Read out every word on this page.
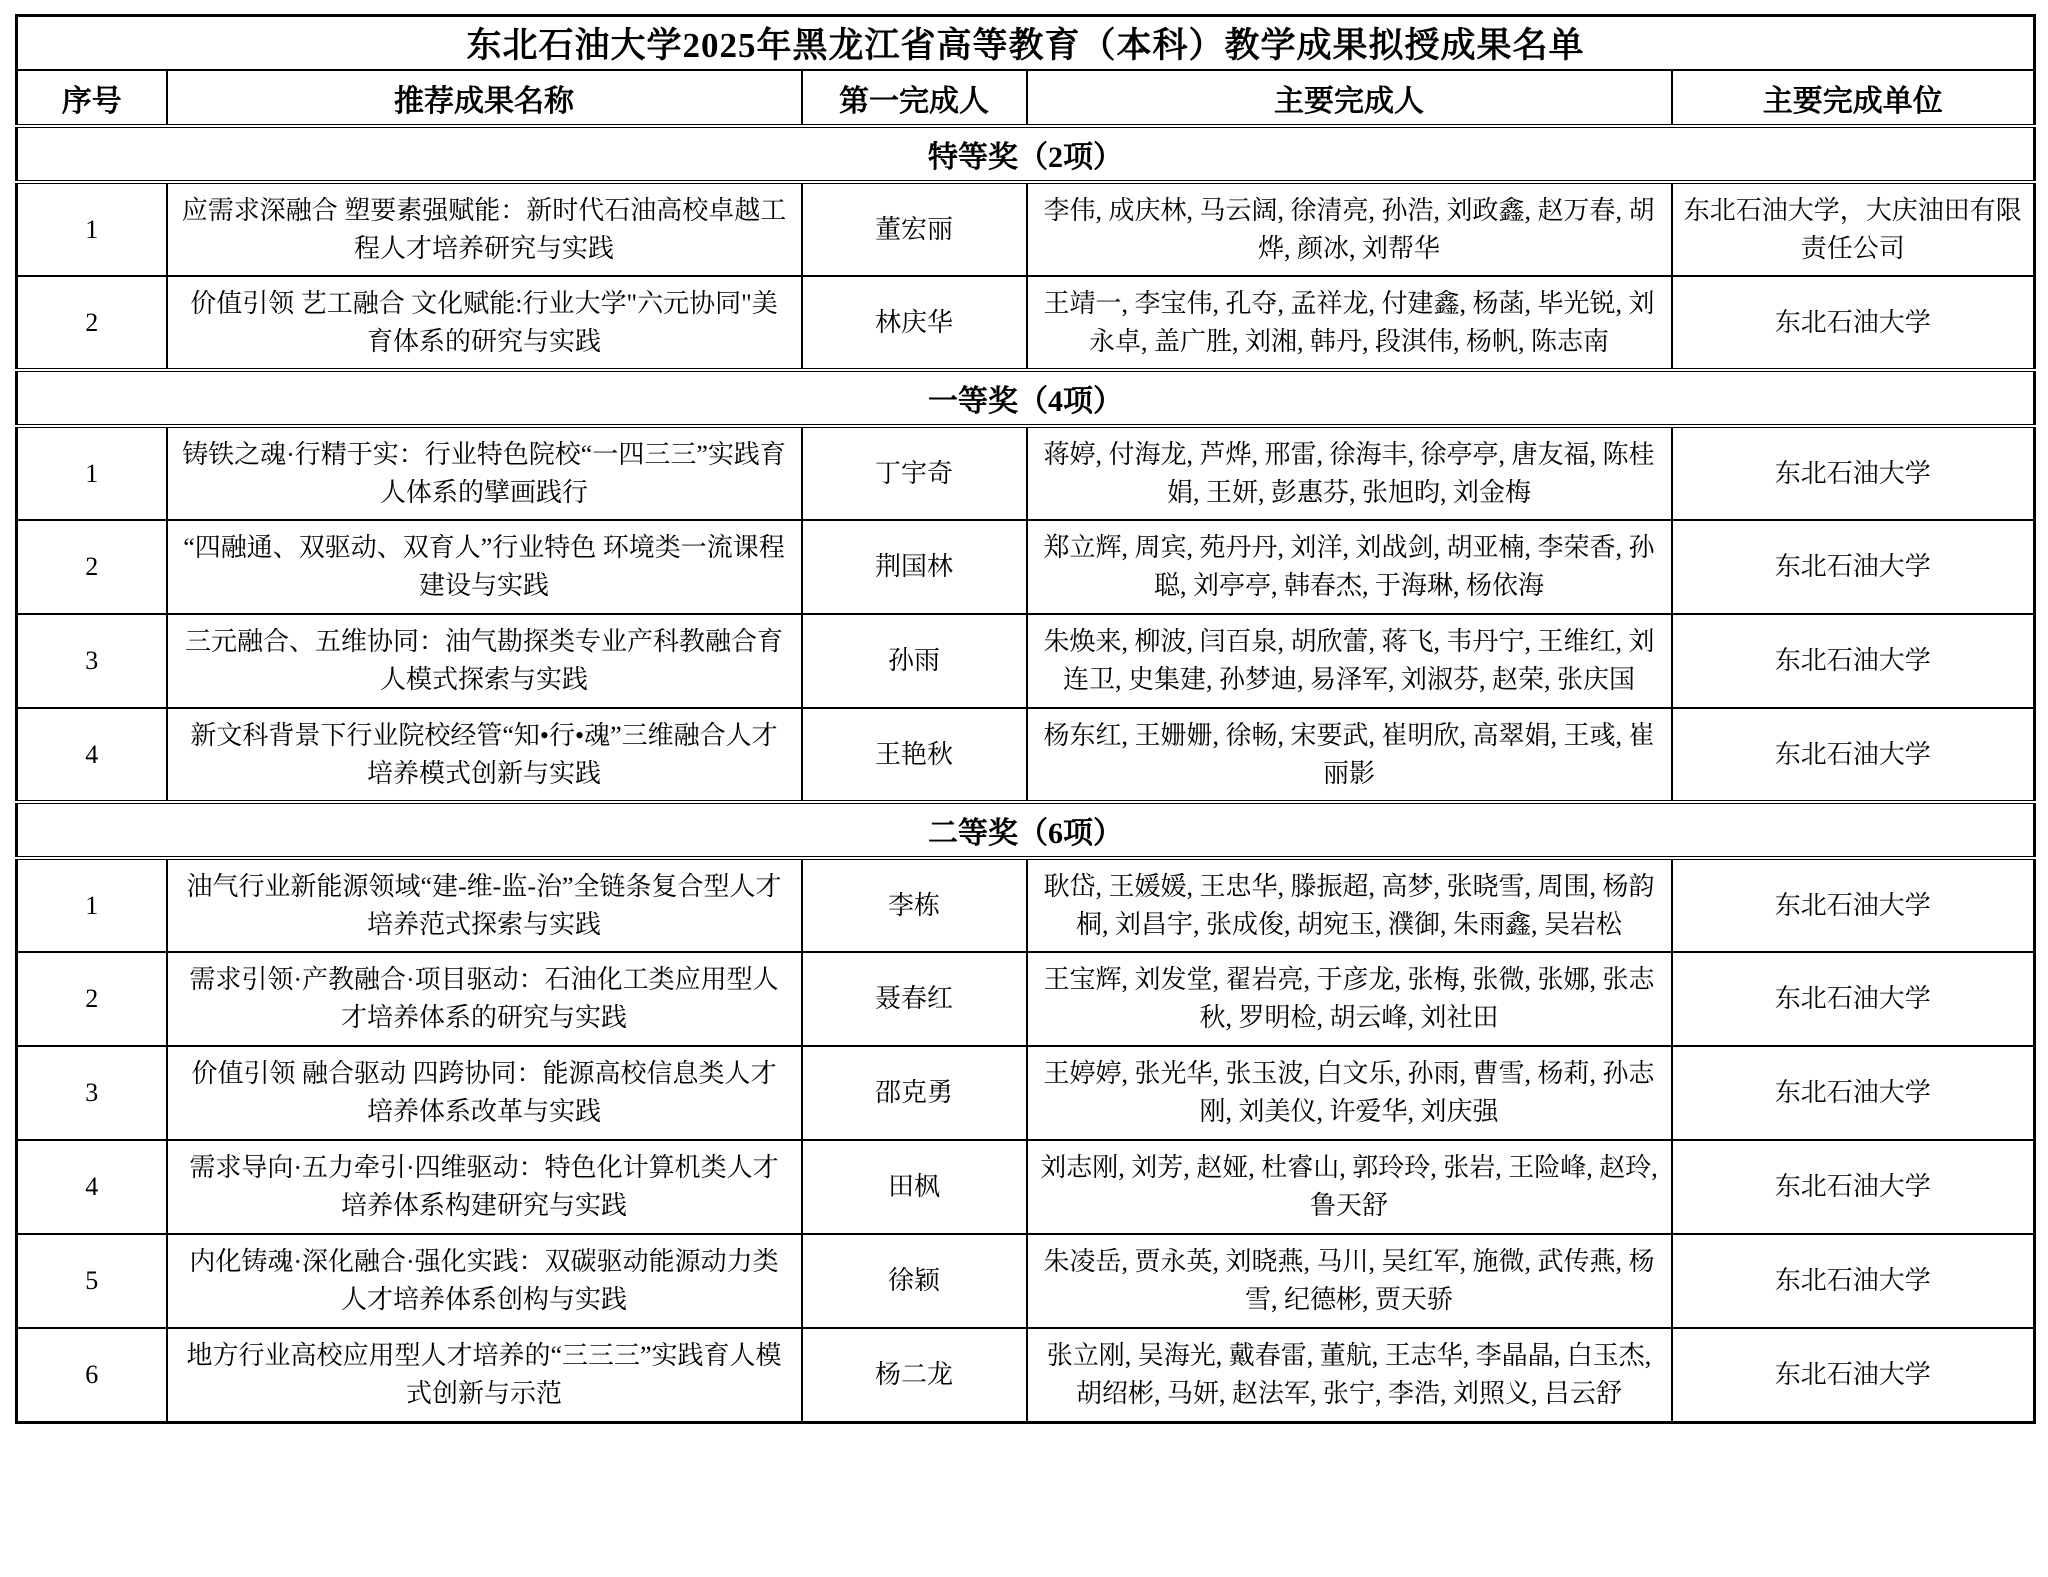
东北石油大学2025年黑龙江省高等教育（本科）教学成果拟授成果名单				
序号	推荐成果名称	第一完成人	主要完成人	主要完成单位
特等奖（2项）				
1	应需求深融合 塑要素强赋能：新时代石油高校卓越工程人才培养研究与实践	董宏丽	李伟, 成庆林, 马云阔, 徐清亮, 孙浩, 刘政鑫, 赵万春, 胡烨, 颜冰, 刘帮华	东北石油大学，大庆油田有限责任公司
2	价值引领 艺工融合 文化赋能:行业大学"六元协同"美育体系的研究与实践	林庆华	王靖一, 李宝伟, 孔夺, 孟祥龙, 付建鑫, 杨菡, 毕光锐, 刘永卓, 盖广胜, 刘湘, 韩丹, 段淇伟, 杨帆, 陈志南	东北石油大学
一等奖（4项）				
1	铸铁之魂·行精于实：行业特色院校“一四三三”实践育人体系的擘画践行	丁宇奇	蒋婷, 付海龙, 芦烨, 邢雷, 徐海丰, 徐亭亭, 唐友福, 陈桂娟, 王妍, 彭惠芬, 张旭昀, 刘金梅	东北石油大学
2	“四融通、双驱动、双育人”行业特色 环境类一流课程建设与实践	荆国林	郑立辉, 周宾, 苑丹丹, 刘洋, 刘战剑, 胡亚楠, 李荣香, 孙聪, 刘亭亭, 韩春杰, 于海琳, 杨依海	东北石油大学
3	三元融合、五维协同：油气勘探类专业产科教融合育人模式探索与实践	孙雨	朱焕来, 柳波, 闫百泉, 胡欣蕾, 蒋飞, 韦丹宁, 王维红, 刘连卫, 史集建, 孙梦迪, 易泽军, 刘淑芬, 赵荣, 张庆国	东北石油大学
4	新文科背景下行业院校经管“知•行•魂”三维融合人才培养模式创新与实践	王艳秋	杨东红, 王姗姗, 徐畅, 宋要武, 崔明欣, 高翠娟, 王彧, 崔丽影	东北石油大学
二等奖（6项）				
1	油气行业新能源领域“建-维-监-治”全链条复合型人才培养范式探索与实践	李栋	耿岱, 王媛媛, 王忠华, 滕振超, 高梦, 张晓雪, 周围, 杨韵桐, 刘昌宇, 张成俊, 胡宛玉, 濮御, 朱雨鑫, 吴岩松	东北石油大学
2	需求引领·产教融合·项目驱动：石油化工类应用型人才培养体系的研究与实践	聂春红	王宝辉, 刘发堂, 翟岩亮, 于彦龙, 张梅, 张微, 张娜, 张志秋, 罗明检, 胡云峰, 刘社田	东北石油大学
3	价值引领 融合驱动 四跨协同：能源高校信息类人才培养体系改革与实践	邵克勇	王婷婷, 张光华, 张玉波, 白文乐, 孙雨, 曹雪, 杨莉, 孙志刚, 刘美仪, 许爱华, 刘庆强	东北石油大学
4	需求导向·五力牵引·四维驱动：特色化计算机类人才培养体系构建研究与实践	田枫	刘志刚, 刘芳, 赵娅, 杜睿山, 郭玲玲, 张岩, 王险峰, 赵玲, 鲁天舒	东北石油大学
5	内化铸魂·深化融合·强化实践：双碳驱动能源动力类人才培养体系创构与实践	徐颖	朱凌岳, 贾永英, 刘晓燕, 马川, 吴红军, 施微, 武传燕, 杨雪, 纪德彬, 贾天骄	东北石油大学
6	地方行业高校应用型人才培养的“三三三”实践育人模式创新与示范	杨二龙	张立刚, 吴海光, 戴春雷, 董航, 王志华, 李晶晶, 白玉杰, 胡绍彬, 马妍, 赵法军, 张宁, 李浩, 刘照义, 吕云舒	东北石油大学
